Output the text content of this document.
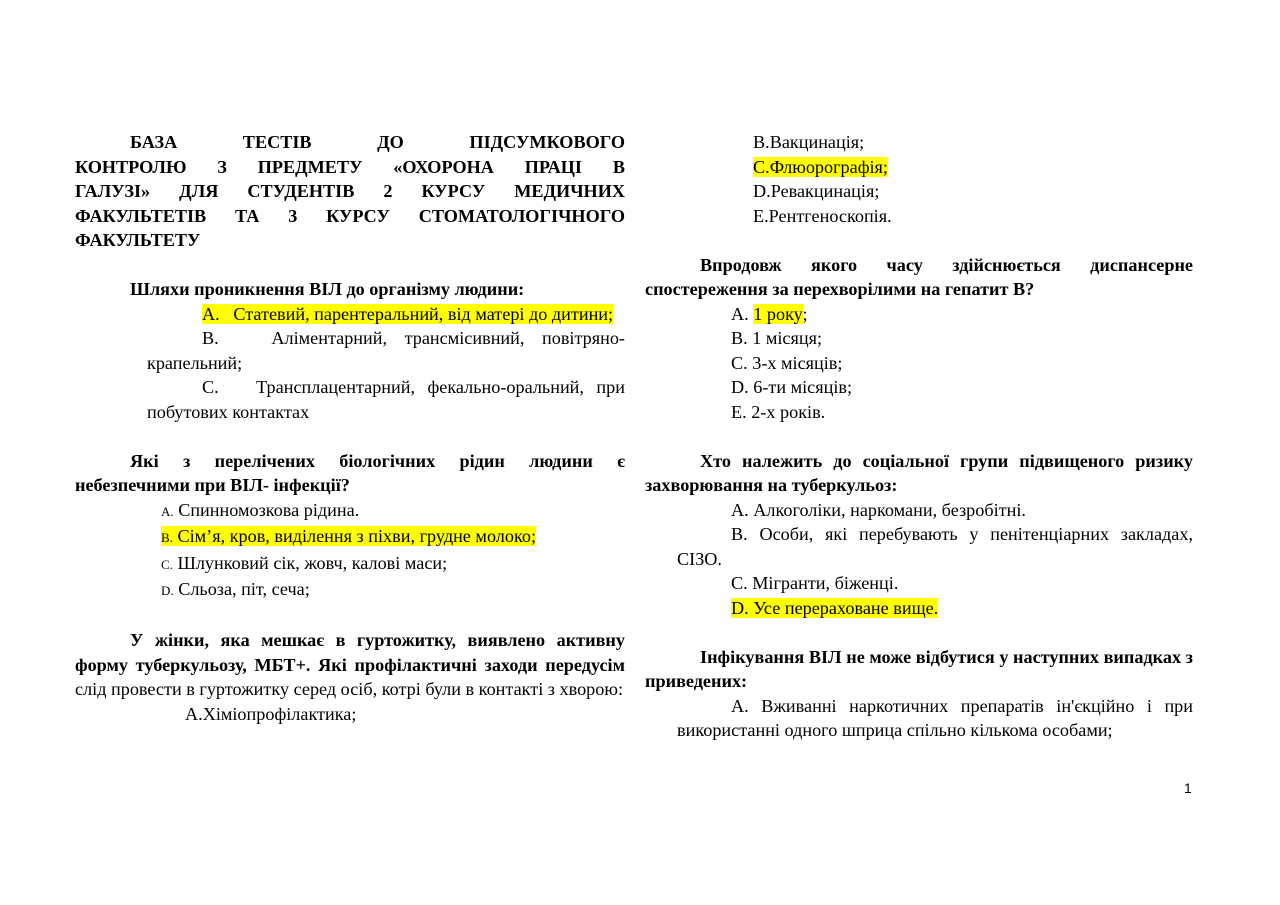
БАЗА ТЕСТІВ ДО ПІДСУМКОВОГО

КОНТРОЛЮ З ПРЕДМЕТУ «ОХОРОНА ПРАЦІ В

ГАЛУЗІ» ДЛЯ СТУДЕНТІВ 2 КУРСУ МЕДИЧНИХ

ФАКУЛЬТЕТІВ ТА 3 КУРСУ СТОМАТОЛОГІЧНОГО

ФАКУЛЬТЕТУ

Шляхи проникнення ВІЛ до організму людини:

А. Статевий, парентеральний, від матері до дитини;

В.	Аліментарний, трансмісивний, повітряно-крапельний;

С. Трансплацентарний, фекально-оральний, при побутових контактах

Які з перелічених біологічних рідин людини є

небезпечними при ВІЛ- інфекції?

A. Спинномозкова рідина.

B. Сім’я, кров, виділення з піхви, грудне молоко;

C. Шлунковий сік, жовч, калові маси;

D. Сльоза, піт, сеча;

У жінки, яка мешкає в гуртожитку, виявлено активну форму туберкульозу, МБТ+. Які профілактичні заходи передусім слід провести в гуртожитку серед осіб, котрі були в контакті з хворою:

A.Хіміопрофілактика;

B.Вакцинація;

C.Флюорографія;

D.Ревакцинація;

E.Рентгеноскопія.

Впродовж якого часу здійснюється диспансерне спостереження за перехворілими на гепатит В?

A. 1 року;

B. 1 місяця;

C. 3-х місяців;

D. 6-ти місяців;

E. 2-х років.

Хто належить до соціальної групи підвищеного ризику захворювання на туберкульоз:

A. Алкоголіки, наркомани, безробітні.

B. Особи, які перебувають у пенітенціарних закладах, СІЗО.

C. Мігранти, біженці.

D. Усе перераховане вище.

Інфікування ВІЛ не може відбутися у наступних випадках з приведених:

A. Вживанні наркотичних препаратів ін'єкційно і при використанні одного шприца спільно кількома особами;

1
